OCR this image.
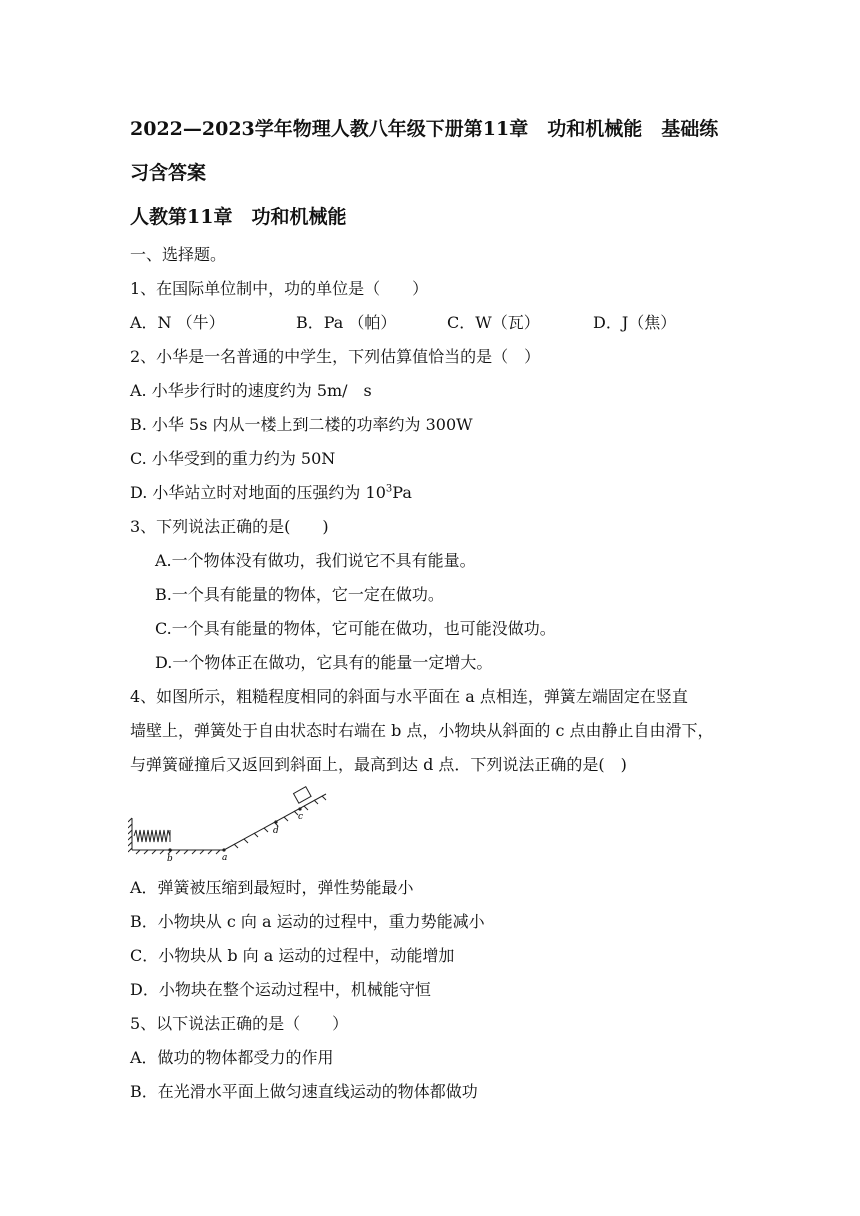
2022—2023学年物理人教八年级下册第11章　功和机械能　基础练
习含答案
人教第11章　功和机械能
一、选择题。
1、在国际单位制中，功的单位是（　　）
A．N （牛）	B．Pa （帕）	C．W（瓦）	D．J（焦）
2、小华是一名普通的中学生，下列估算值恰当的是（　）
A. 小华步行时的速度约为 5m/　s
B. 小华 5s 内从一楼上到二楼的功率约为 300W
C. 小华受到的重力约为 50N
D. 小华站立时对地面的压强约为 $10^3Pa$
3、下列说法正确的是(　　)
A.一个物体没有做功，我们说它不具有能量。
B.一个具有能量的物体，它一定在做功。
C.一个具有能量的物体，它可能在做功，也可能没做功。
D.一个物体正在做功，它具有的能量一定增大。
4、如图所示，粗糙程度相同的斜面与水平面在 a 点相连，弹簧左端固定在竖直
墙壁上，弹簧处于自由状态时右端在 b 点，小物块从斜面的 c 点由静止自由滑下，
与弹簧碰撞后又返回到斜面上，最高到达 d 点．下列说法正确的是(　)
b	a
d
c
A．弹簧被压缩到最短时，弹性势能最小
B．小物块从 c 向 a 运动的过程中，重力势能减小
C．小物块从 b 向 a 运动的过程中，动能增加
D．小物块在整个运动过程中，机械能守恒
5、以下说法正确的是（　　）
A．做功的物体都受力的作用
B．在光滑水平面上做匀速直线运动的物体都做功
